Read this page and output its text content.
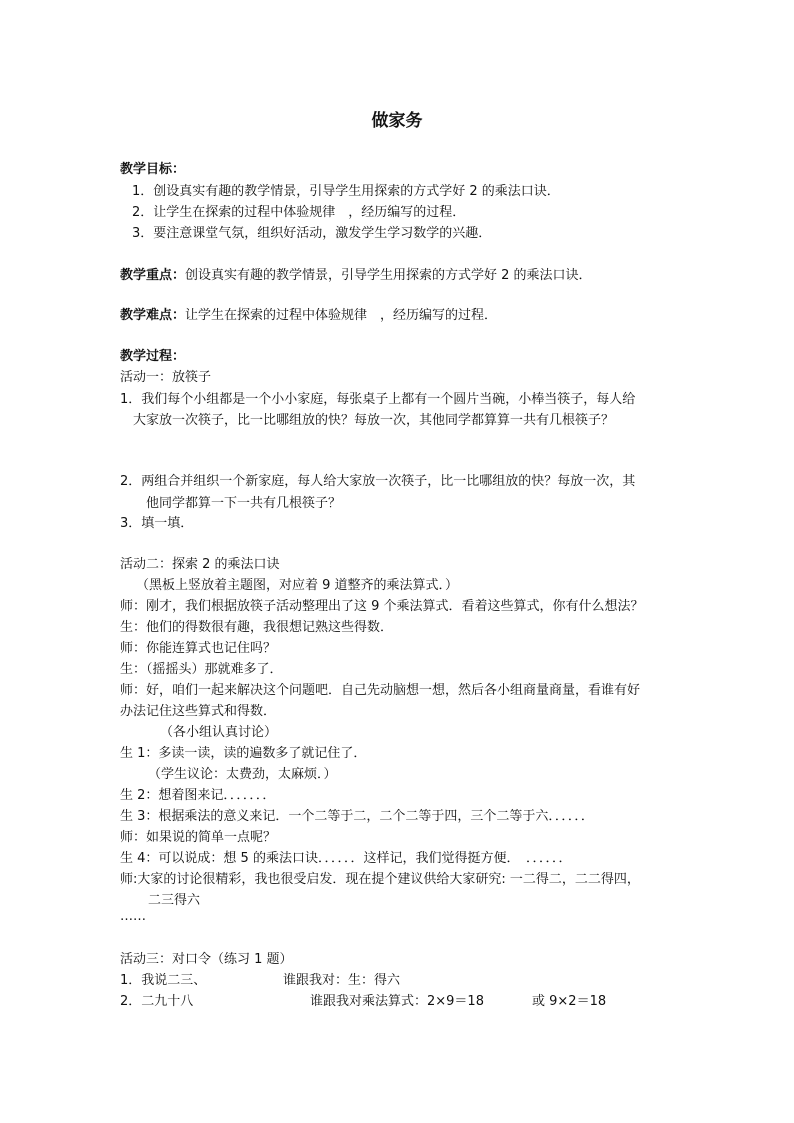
做家务
教学目标：
1．创设真实有趣的教学情景，引导学生用探索的方式学好 2 的乘法口诀．
2．让学生在探索的过程中体验规律　，经历编写的过程．
3．要注意课堂气氛，组织好活动，激发学生学习数学的兴趣．
教学重点：创设真实有趣的教学情景，引导学生用探索的方式学好 2 的乘法口诀．
教学难点：让学生在探索的过程中体验规律　，经历编写的过程．
教学过程：
活动一：放筷子
1．我们每个小组都是一个小小家庭，每张桌子上都有一个圆片当碗，小棒当筷子，每人给
大家放一次筷子，比一比哪组放的快？每放一次，其他同学都算算一共有几根筷子？
2．两组合并组织一个新家庭，每人给大家放一次筷子，比一比哪组放的快？每放一次，其
他同学都算一下一共有几根筷子？
3．填一填．
活动二：探索 2 的乘法口诀
（黑板上竖放着主题图，对应着 9 道整齐的乘法算式．）
师：刚才，我们根据放筷子活动整理出了这 9 个乘法算式．看着这些算式，你有什么想法？
生：他们的得数很有趣，我很想记熟这些得数．
师：你能连算式也记住吗？
生：（摇摇头）那就难多了．
师：好，咱们一起来解决这个问题吧．自己先动脑想一想，然后各小组商量商量，看谁有好
办法记住这些算式和得数．
（各小组认真讨论）
生 1：多读一读，读的遍数多了就记住了．
（学生议论：太费劲，太麻烦．）
生 2：想着图来记．．．．．．．
生 3：根据乘法的意义来记．一个二等于二，二个二等于四，三个二等于六．．．．．．
师：如果说的简单一点呢？
生 4：可以说成：想 5 的乘法口诀．．．．．．这样记，我们觉得挺方便．　．．．．．．
师:大家的讨论很精彩，我也很受启发．现在提个建议供给大家研究: 一二得二，二二得四，
二三得六
……
活动三：对口令（练习 1 题）
1．我说二三、	谁跟我对：生：得六
2．二九十八	谁跟我对乘法算式：2×9＝18	或 9×2＝18
